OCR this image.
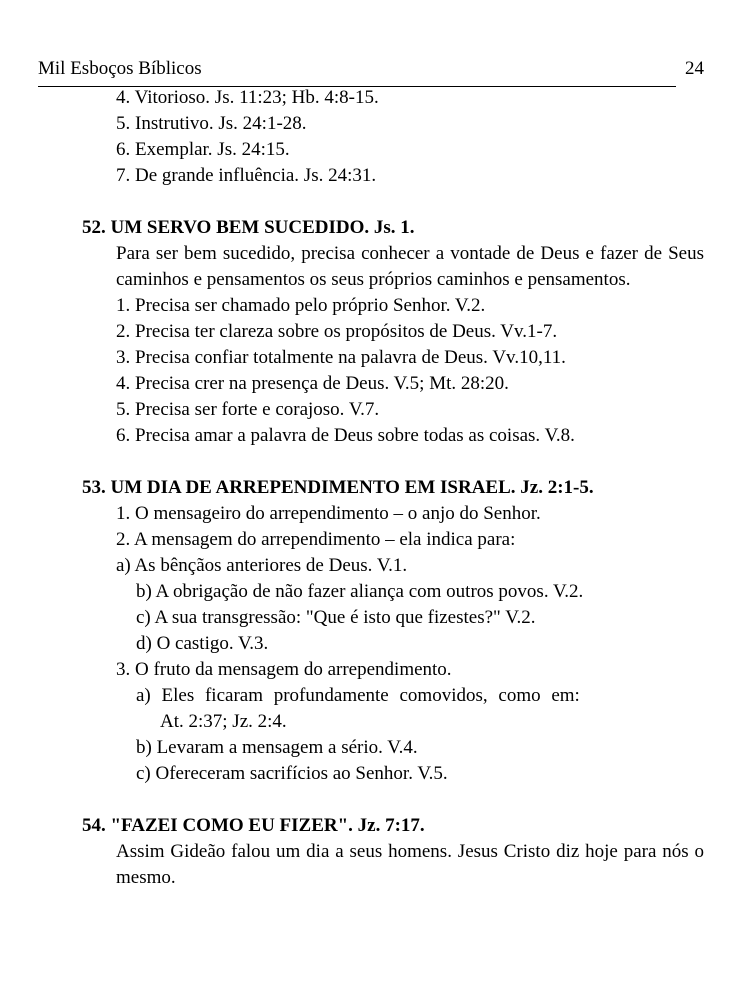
Mil Esboços Bíblicos	24
4. Vitorioso. Js. 11:23; Hb. 4:8-15.
5. Instrutivo. Js. 24:1-28.
6. Exemplar. Js. 24:15.
7. De grande influência. Js. 24:31.
52. UM SERVO BEM SUCEDIDO. Js. 1.
Para ser bem sucedido, precisa conhecer a vontade de Deus e fazer de Seus caminhos e pensamentos os seus próprios caminhos e pensamentos.
1. Precisa ser chamado pelo próprio Senhor. V.2.
2. Precisa ter clareza sobre os propósitos de Deus. Vv.1-7.
3. Precisa confiar totalmente na palavra de Deus. Vv.10,11.
4. Precisa crer na presença de Deus. V.5; Mt. 28:20.
5. Precisa ser forte e corajoso. V.7.
6. Precisa amar a palavra de Deus sobre todas as coisas. V.8.
53. UM DIA DE ARREPENDIMENTO EM ISRAEL. Jz. 2:1-5.
1. O mensageiro do arrependimento – o anjo do Senhor.
2. A mensagem do arrependimento – ela indica para:
a) As bênçãos anteriores de Deus. V.1.
b) A obrigação de não fazer aliança com outros povos. V.2.
c) A sua transgressão: "Que é isto que fizestes?" V.2.
d) O castigo. V.3.
3. O fruto da mensagem do arrependimento.
a) Eles ficaram profundamente comovidos, como em:
At. 2:37; Jz. 2:4.
b) Levaram a mensagem a sério. V.4.
c) Ofereceram sacrifícios ao Senhor. V.5.
54. "FAZEI COMO EU FIZER". Jz. 7:17.
Assim Gideão falou um dia a seus homens. Jesus Cristo diz hoje para nós o mesmo.
